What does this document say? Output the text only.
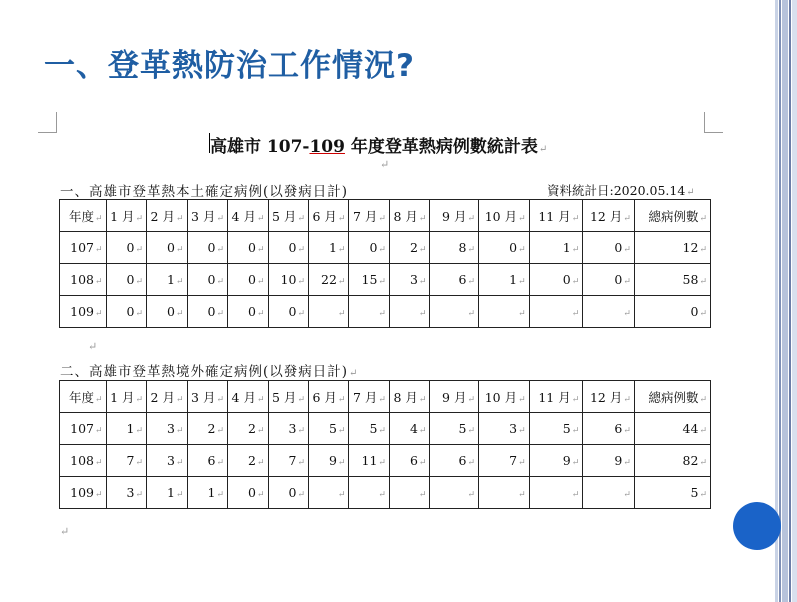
一、登革熱防治工作情況?
高雄市 107-109 年度登革熱病例數統計表↵
↵
一、高雄市登革熱本土確定病例(以發病日計)	資料統計日:2020.05.14↵
年度↵	1 月↵	2 月↵	3 月↵	4 月↵	5 月↵	6 月↵	7 月↵	8 月↵	9 月↵	10 月↵	11 月↵	12 月↵	總病例數↵
107↵	0↵	0↵	0↵	0↵	0↵	1↵	0↵	2↵	8↵	0↵	1↵	0↵	12↵
108↵	0↵	1↵	0↵	0↵	10↵	22↵	15↵	3↵	6↵	1↵	0↵	0↵	58↵
109↵	0↵	0↵	0↵	0↵	0↵	↵	↵	↵	↵	↵	↵	↵	0↵
↵
二、高雄市登革熱境外確定病例(以發病日計)↵
年度↵	1 月↵	2 月↵	3 月↵	4 月↵	5 月↵	6 月↵	7 月↵	8 月↵	9 月↵	10 月↵	11 月↵	12 月↵	總病例數↵
107↵	1↵	3↵	2↵	2↵	3↵	5↵	5↵	4↵	5↵	3↵	5↵	6↵	44↵
108↵	7↵	3↵	6↵	2↵	7↵	9↵	11↵	6↵	6↵	7↵	9↵	9↵	82↵
109↵	3↵	1↵	1↵	0↵	0↵	↵	↵	↵	↵	↵	↵	↵	5↵
↵
